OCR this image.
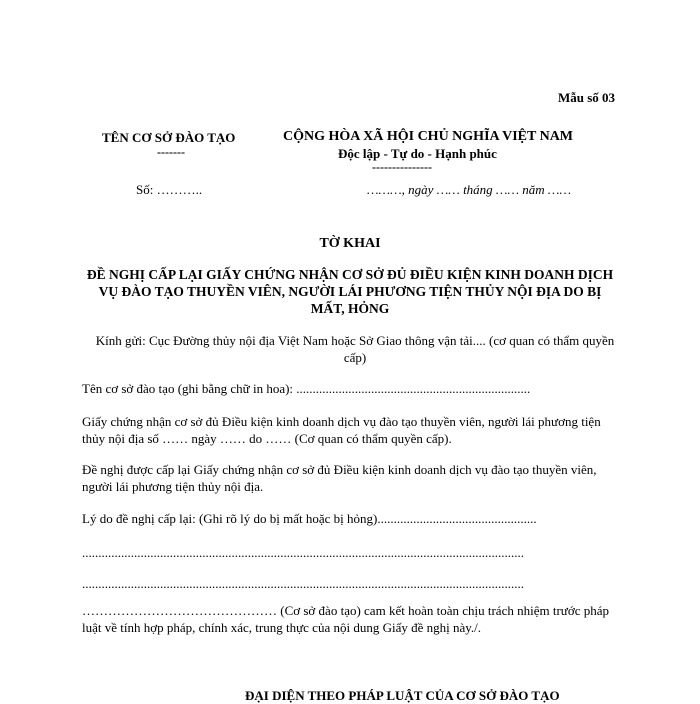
Mẫu số 03
TÊN CƠ SỞ ĐÀO TẠO
-------
CỘNG HÒA XÃ HỘI CHỦ NGHĨA VIỆT NAM
Độc lập - Tự do - Hạnh phúc
---------------
Số: ………..	………, ngày …… tháng …… năm ……
TỜ KHAI
ĐỀ NGHỊ CẤP LẠI GIẤY CHỨNG NHẬN CƠ SỞ ĐỦ ĐIỀU KIỆN KINH DOANH DỊCH VỤ ĐÀO TẠO THUYỀN VIÊN, NGƯỜI LÁI PHƯƠNG TIỆN THỦY NỘI ĐỊA DO BỊ MẤT, HỎNG
Kính gửi: Cục Đường thủy nội địa Việt Nam hoặc Sở Giao thông vận tải.... (cơ quan có thẩm quyền cấp)
Tên cơ sở đào tạo (ghi bằng chữ in hoa): ........................................................................
Giấy chứng nhận cơ sở đủ Điều kiện kinh doanh dịch vụ đào tạo thuyền viên, người lái phương tiện thủy nội địa số …… ngày …… do …… (Cơ quan có thẩm quyền cấp).
Đề nghị được cấp lại Giấy chứng nhận cơ sở đủ Điều kiện kinh doanh dịch vụ đào tạo thuyền viên, người lái phương tiện thủy nội địa.
Lý do đề nghị cấp lại: (Ghi rõ lý do bị mất hoặc bị hỏng).................................................
........................................................................................................................................
........................................................................................................................................
……………………………………… (Cơ sở đào tạo) cam kết hoàn toàn chịu trách nhiệm trước pháp luật về tính hợp pháp, chính xác, trung thực của nội dung Giấy đề nghị này./.
ĐẠI DIỆN THEO PHÁP LUẬT CỦA CƠ SỞ ĐÀO TẠO
